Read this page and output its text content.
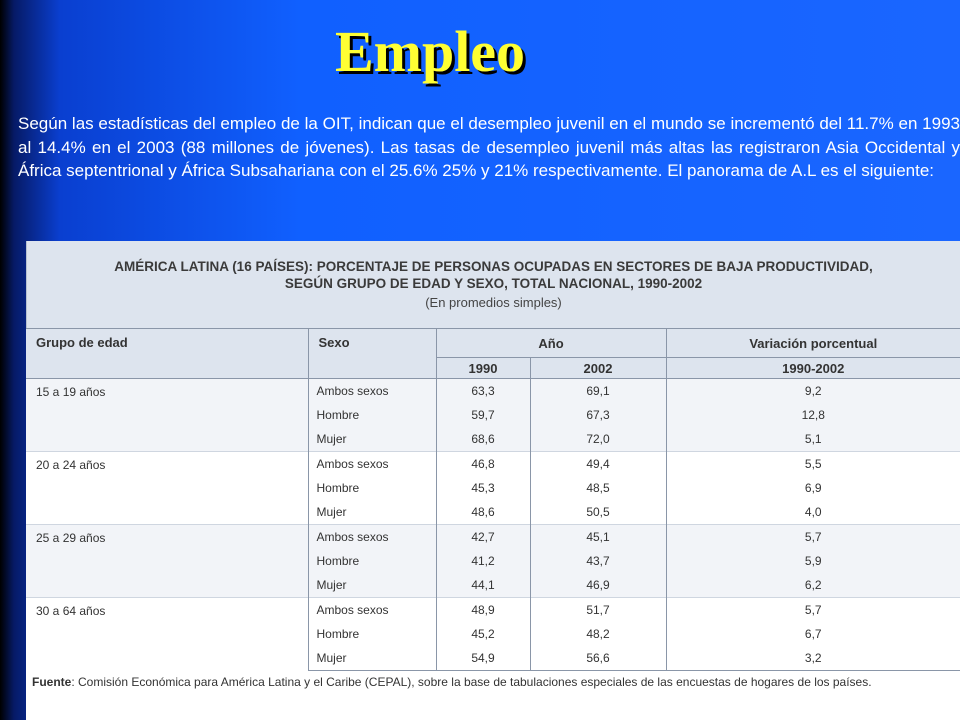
Empleo

Según las estadísticas del empleo de la OIT, indican que el desempleo juvenil en el mundo se incrementó del 11.7% en 1993 al 14.4% en el 2003 (88 millones de jóvenes). Las tasas de desempleo juvenil más altas las registraron Asia Occidental y África septentrional y África Subsahariana con el 25.6% 25% y 21% respectivamente. El panorama de A.L es el siguiente:

AMÉRICA LATINA (16 PAÍSES): PORCENTAJE DE PERSONAS OCUPADAS EN SECTORES DE BAJA PRODUCTIVIDAD,
SEGÚN GRUPO DE EDAD Y SEXO, TOTAL NACIONAL, 1990-2002
(En promedios simples)
Grupo de edad	Sexo	Año		Variación porcentual
		1990	2002	1990-2002
15 a 19 años	Ambos sexos	63,3	69,1	9,2
	Hombre	59,7	67,3	12,8
	Mujer	68,6	72,0	5,1
20 a 24 años	Ambos sexos	46,8	49,4	5,5
	Hombre	45,3	48,5	6,9
	Mujer	48,6	50,5	4,0
25 a 29 años	Ambos sexos	42,7	45,1	5,7
	Hombre	41,2	43,7	5,9
	Mujer	44,1	46,9	6,2
30 a 64 años	Ambos sexos	48,9	51,7	5,7
	Hombre	45,2	48,2	6,7
	Mujer	54,9	56,6	3,2

Fuente: Comisión Económica para América Latina y el Caribe (CEPAL), sobre la base de tabulaciones especiales de las encuestas de hogares de los países.
